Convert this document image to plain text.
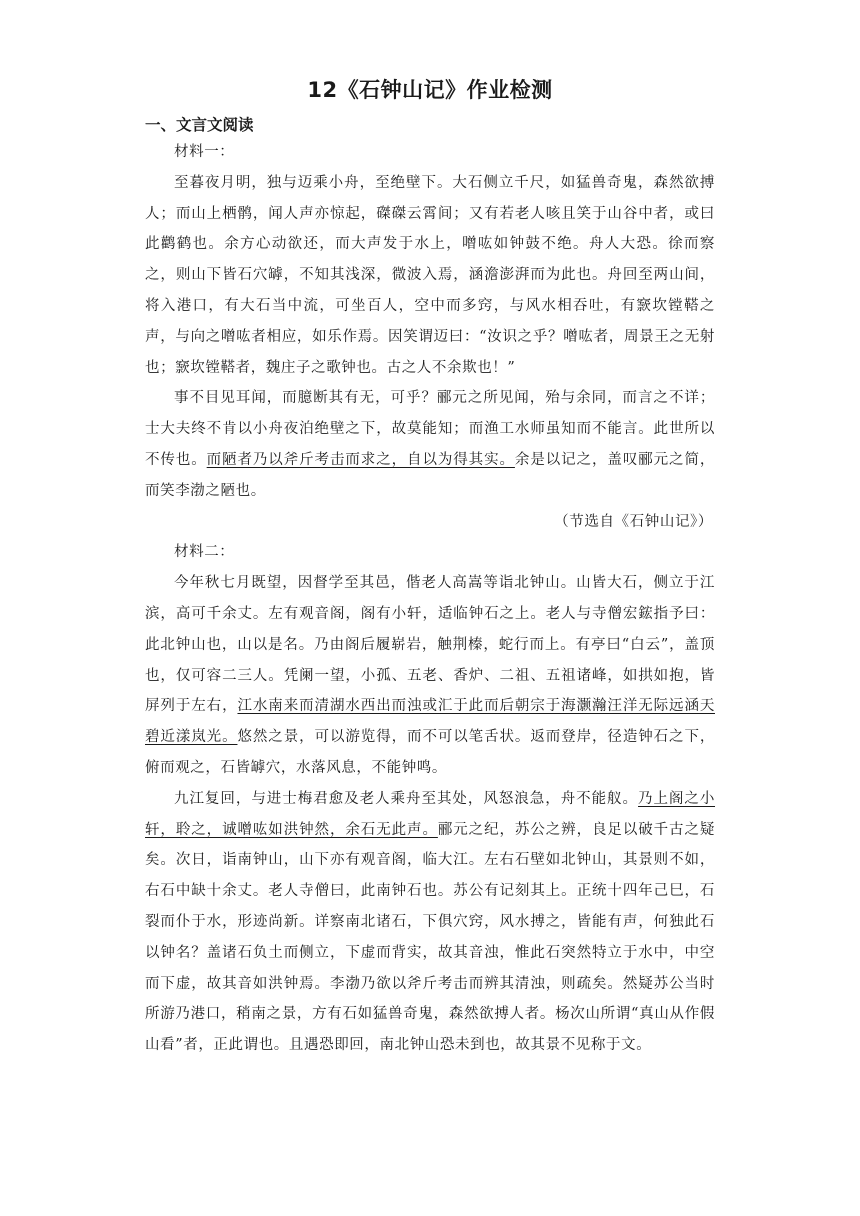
12《石钟山记》作业检测
一、文言文阅读

材料一：

至暮夜月明，独与迈乘小舟，至绝壁下。大石侧立千尺，如猛兽奇鬼，森然欲搏人；而山上栖鹘，闻人声亦惊起，磔磔云霄间；又有若老人咳且笑于山谷中者，或曰此鹳鹤也。余方心动欲还，而大声发于水上，噌吰如钟鼓不绝。舟人大恐。徐而察之，则山下皆石穴罅，不知其浅深，微波入焉，涵澹澎湃而为此也。舟回至两山间，将入港口，有大石当中流，可坐百人，空中而多窍，与风水相吞吐，有窾坎镗鞳之声，与向之噌吰者相应，如乐作焉。因笑谓迈曰：“汝识之乎？噌吰者，周景王之无射也；窾坎镗鞳者，魏庄子之歌钟也。古之人不余欺也！”

事不目见耳闻，而臆断其有无，可乎？郦元之所见闻，殆与余同，而言之不详；士大夫终不肯以小舟夜泊绝壁之下，故莫能知；而渔工水师虽知而不能言。此世所以不传也。而陋者乃以斧斤考击而求之，自以为得其实。余是以记之，盖叹郦元之简，而笑李渤之陋也。

（节选自《石钟山记》）

材料二：

今年秋七月既望，因督学至其邑，偕老人高嵩等诣北钟山。山皆大石，侧立于江滨，高可千余丈。左有观音阁，阁有小轩，适临钟石之上。老人与寺僧宏鋐指予曰：此北钟山也，山以是名。乃由阁后履崭岩，触荆榛，蛇行而上。有亭曰“白云”，盖顶也，仅可容二三人。凭阑一望，小孤、五老、香炉、二祖、五祖诸峰，如拱如抱，皆屏列于左右，江水南来而清湖水西出而浊或汇于此而后朝宗于海灏瀚汪洋无际远涵天碧近漾岚光。悠然之景，可以游览得，而不可以笔舌状。返而登岸，径造钟石之下，俯而观之，石皆罅穴，水落风息，不能钟鸣。

九江复回，与进士梅君愈及老人乘舟至其处，风怒浪急，舟不能舣。乃上阁之小轩，聆之，诚噌吰如洪钟然，余石无此声。郦元之纪，苏公之辨，良足以破千古之疑矣。次日，诣南钟山，山下亦有观音阁，临大江。左右石壁如北钟山，其景则不如，右石中缺十余丈。老人寺僧曰，此南钟石也。苏公有记刻其上。正统十四年己巳，石裂而仆于水，形迹尚新。详察南北诸石，下俱穴窍，风水搏之，皆能有声，何独此石以钟名？盖诸石负土而侧立，下虚而背实，故其音浊，惟此石突然特立于水中，中空而下虚，故其音如洪钟焉。李渤乃欲以斧斤考击而辨其清浊，则疏矣。然疑苏公当时所游乃港口，稍南之景，方有石如猛兽奇鬼，森然欲搏人者。杨次山所谓“真山从作假山看”者，正此谓也。且遇恐即回，南北钟山恐未到也，故其景不见称于文。
